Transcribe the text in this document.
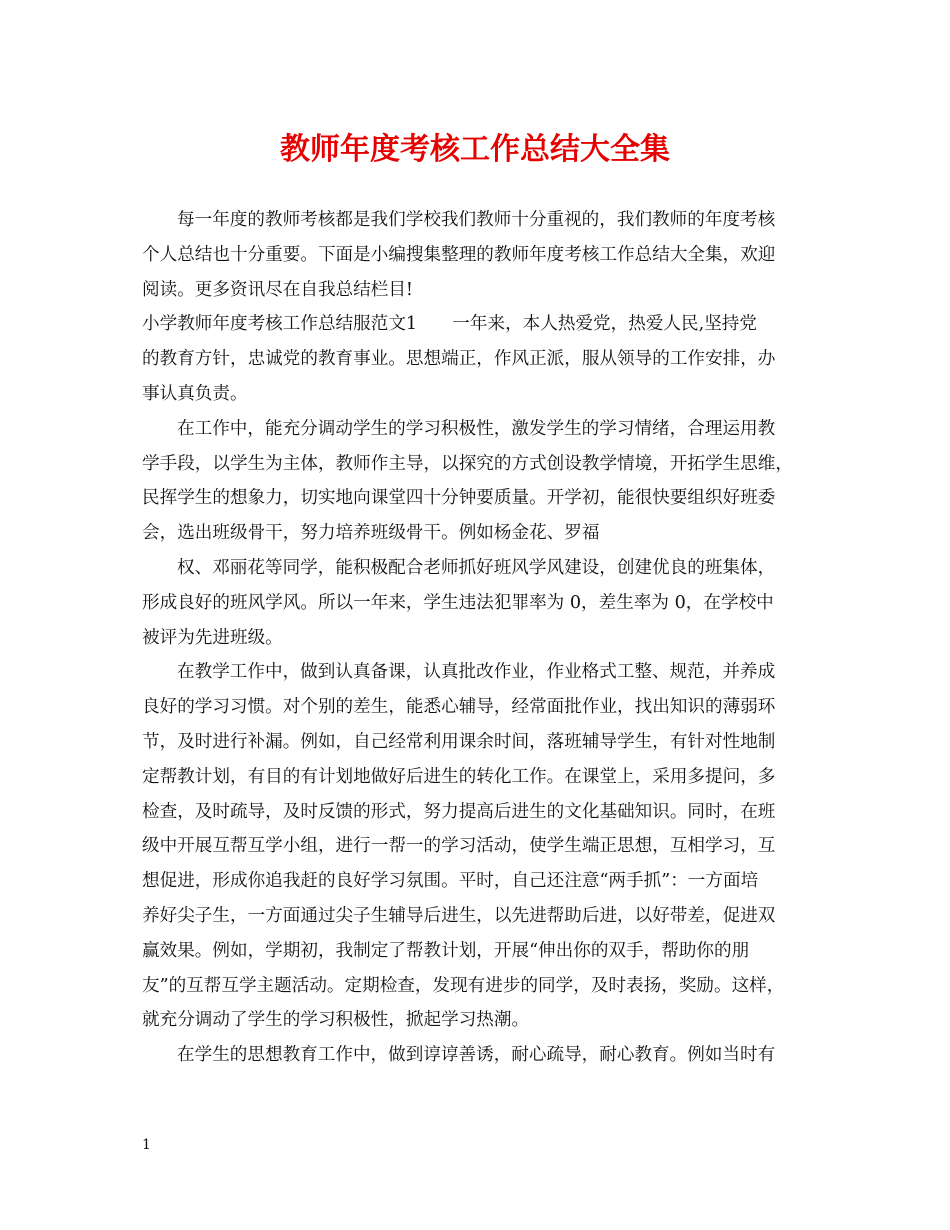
教师年度考核工作总结大全集
每一年度的教师考核都是我们学校我们教师十分重视的，我们教师的年度考核
个人总结也十分重要。下面是小编搜集整理的教师年度考核工作总结大全集，欢迎
阅读。更多资讯尽在自我总结栏目!
小学教师年度考核工作总结服范文1　　一年来，本人热爱党，热爱人民,坚持党
的教育方针，忠诚党的教育事业。思想端正，作风正派，服从领导的工作安排，办
事认真负责。
在工作中，能充分调动学生的学习积极性，激发学生的学习情绪，合理运用教
学手段，以学生为主体，教师作主导，以探究的方式创设教学情境，开拓学生思维，
民挥学生的想象力，切实地向课堂四十分钟要质量。开学初，能很快要组织好班委
会，选出班级骨干，努力培养班级骨干。例如杨金花、罗福
权、邓丽花等同学，能积极配合老师抓好班风学风建设，创建优良的班集体，
形成良好的班风学风。所以一年来，学生违法犯罪率为 0，差生率为 0，在学校中
被评为先进班级。
在教学工作中，做到认真备课，认真批改作业，作业格式工整、规范，并养成
良好的学习习惯。对个别的差生，能悉心辅导，经常面批作业，找出知识的薄弱环
节，及时进行补漏。例如，自己经常利用课余时间，落班辅导学生，有针对性地制
定帮教计划，有目的有计划地做好后进生的转化工作。在课堂上，采用多提问，多
检查，及时疏导，及时反馈的形式，努力提高后进生的文化基础知识。同时，在班
级中开展互帮互学小组，进行一帮一的学习活动，使学生端正思想，互相学习，互
想促进，形成你追我赶的良好学习氛围。平时，自己还注意“两手抓”：一方面培
养好尖子生，一方面通过尖子生辅导后进生，以先进帮助后进，以好带差，促进双
赢效果。例如，学期初，我制定了帮教计划，开展“伸出你的双手，帮助你的朋
友”的互帮互学主题活动。定期检查，发现有进步的同学，及时表扬，奖励。这样，
就充分调动了学生的学习积极性，掀起学习热潮。
在学生的思想教育工作中，做到谆谆善诱，耐心疏导，耐心教育。例如当时有
1
